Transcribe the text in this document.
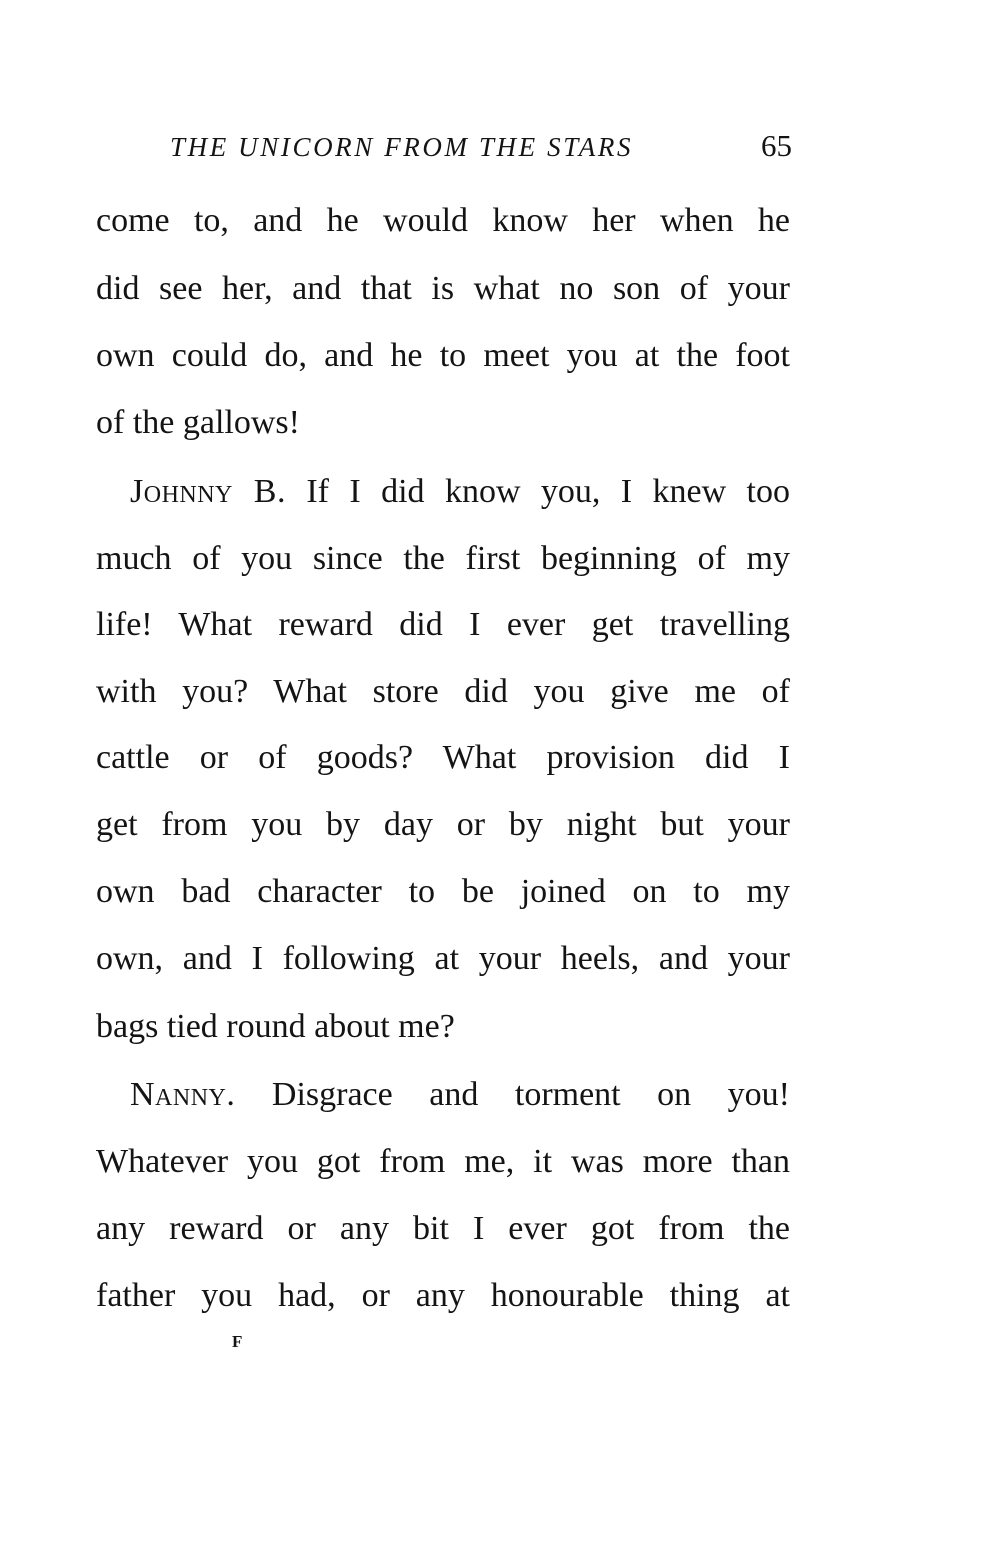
THE UNICORN FROM THE STARS	65
come to, and he would know her when he
did see her, and that is what no son of your
own could do, and he to meet you at the foot
of the gallows!
Johnny B. If I did know you, I knew too
much of you since the first beginning of my
life! What reward did I ever get travelling
with you? What store did you give me of
cattle or of goods? What provision did I
get from you by day or by night but your
own bad character to be joined on to my
own, and I following at your heels, and your
bags tied round about me?
Nanny. Disgrace and torment on you!
Whatever you got from me, it was more than
any reward or any bit I ever got from the
father you had, or any honourable thing at
F
